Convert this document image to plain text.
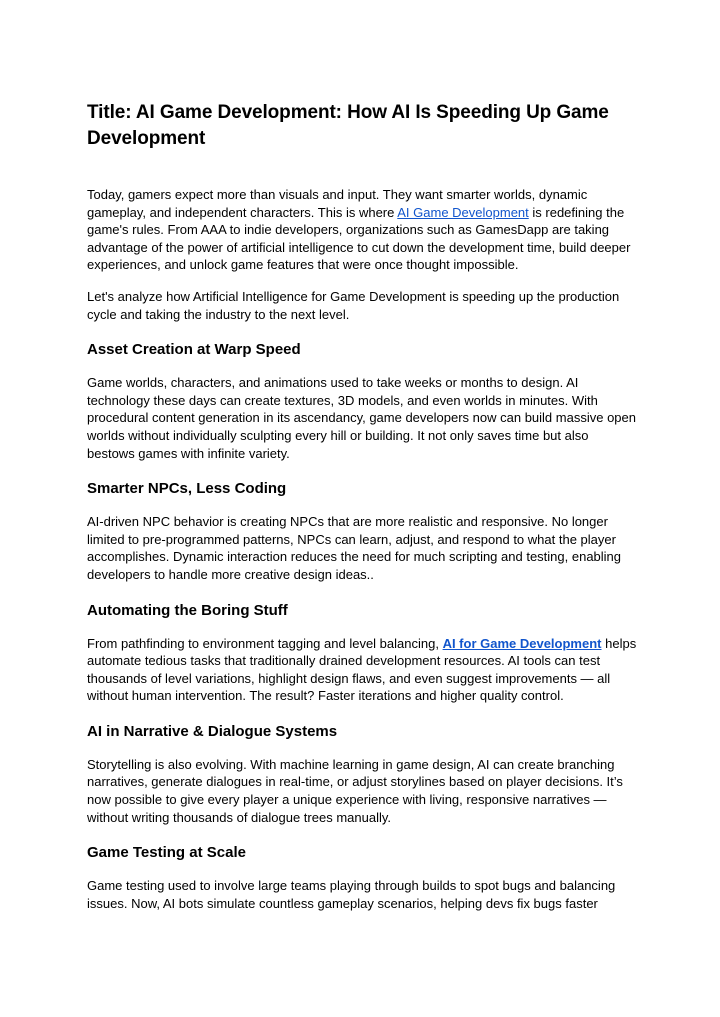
Title: AI Game Development: How AI Is Speeding Up Game Development

Today, gamers expect more than visuals and input. They want smarter worlds, dynamic gameplay, and independent characters. This is where AI Game Development is redefining the game's rules. From AAA to indie developers, organizations such as GamesDapp are taking advantage of the power of artificial intelligence to cut down the development time, build deeper experiences, and unlock game features that were once thought impossible.

Let's analyze how Artificial Intelligence for Game Development is speeding up the production cycle and taking the industry to the next level.

Asset Creation at Warp Speed

Game worlds, characters, and animations used to take weeks or months to design. AI technology these days can create textures, 3D models, and even worlds in minutes. With procedural content generation in its ascendancy, game developers now can build massive open worlds without individually sculpting every hill or building. It not only saves time but also bestows games with infinite variety.

Smarter NPCs, Less Coding

AI-driven NPC behavior is creating NPCs that are more realistic and responsive. No longer limited to pre-programmed patterns, NPCs can learn, adjust, and respond to what the player accomplishes. Dynamic interaction reduces the need for much scripting and testing, enabling developers to handle more creative design ideas..

Automating the Boring Stuff

From pathfinding to environment tagging and level balancing, AI for Game Development helps automate tedious tasks that traditionally drained development resources. AI tools can test thousands of level variations, highlight design flaws, and even suggest improvements — all without human intervention. The result? Faster iterations and higher quality control.

AI in Narrative & Dialogue Systems

Storytelling is also evolving. With machine learning in game design, AI can create branching narratives, generate dialogues in real-time, or adjust storylines based on player decisions. It’s now possible to give every player a unique experience with living, responsive narratives — without writing thousands of dialogue trees manually.

Game Testing at Scale

Game testing used to involve large teams playing through builds to spot bugs and balancing issues. Now, AI bots simulate countless gameplay scenarios, helping devs fix bugs faster
